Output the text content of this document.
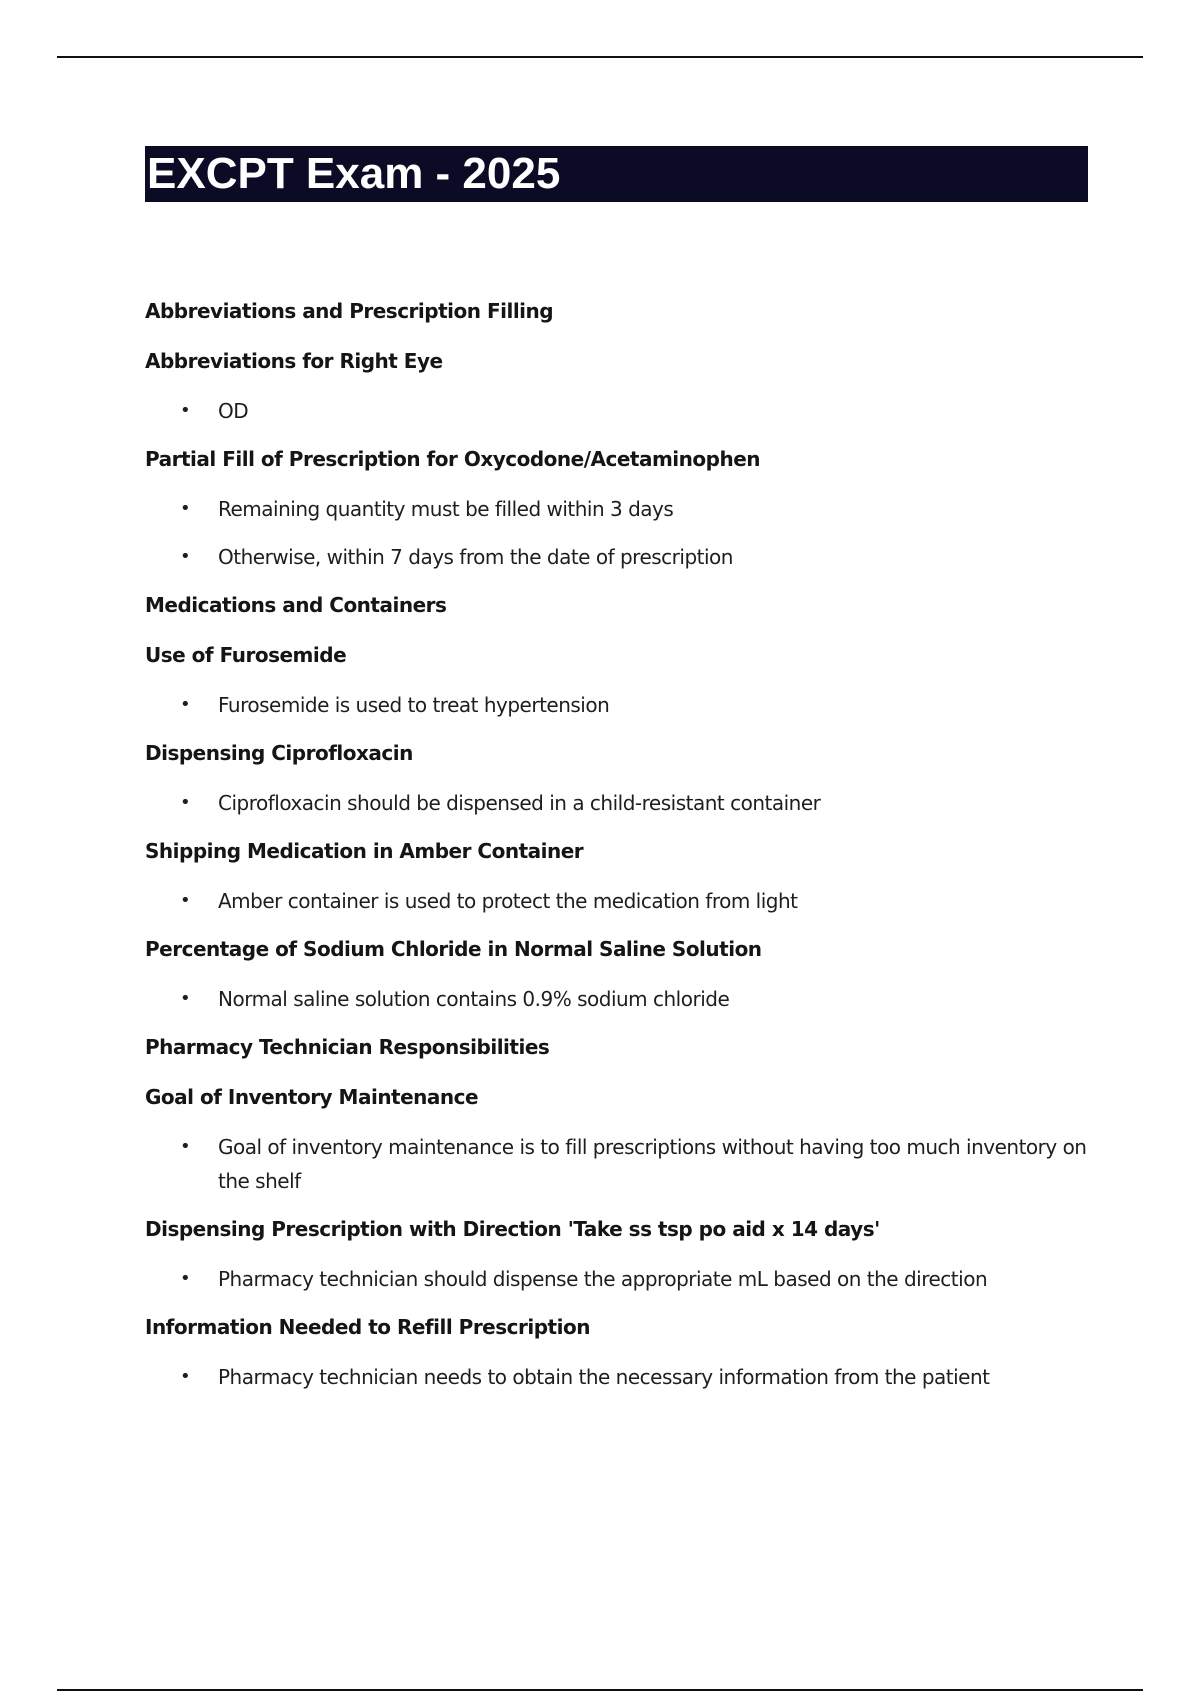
EXCPT Exam - 2025

Abbreviations and Prescription Filling

Abbreviations for Right Eye

• OD

Partial Fill of Prescription for Oxycodone/Acetaminophen

• Remaining quantity must be filled within 3 days
• Otherwise, within 7 days from the date of prescription

Medications and Containers

Use of Furosemide

• Furosemide is used to treat hypertension

Dispensing Ciprofloxacin

• Ciprofloxacin should be dispensed in a child-resistant container

Shipping Medication in Amber Container

• Amber container is used to protect the medication from light

Percentage of Sodium Chloride in Normal Saline Solution

• Normal saline solution contains 0.9% sodium chloride

Pharmacy Technician Responsibilities

Goal of Inventory Maintenance

• Goal of inventory maintenance is to fill prescriptions without having too much inventory on the shelf

Dispensing Prescription with Direction 'Take ss tsp po aid x 14 days'

• Pharmacy technician should dispense the appropriate mL based on the direction

Information Needed to Refill Prescription

• Pharmacy technician needs to obtain the necessary information from the patient
